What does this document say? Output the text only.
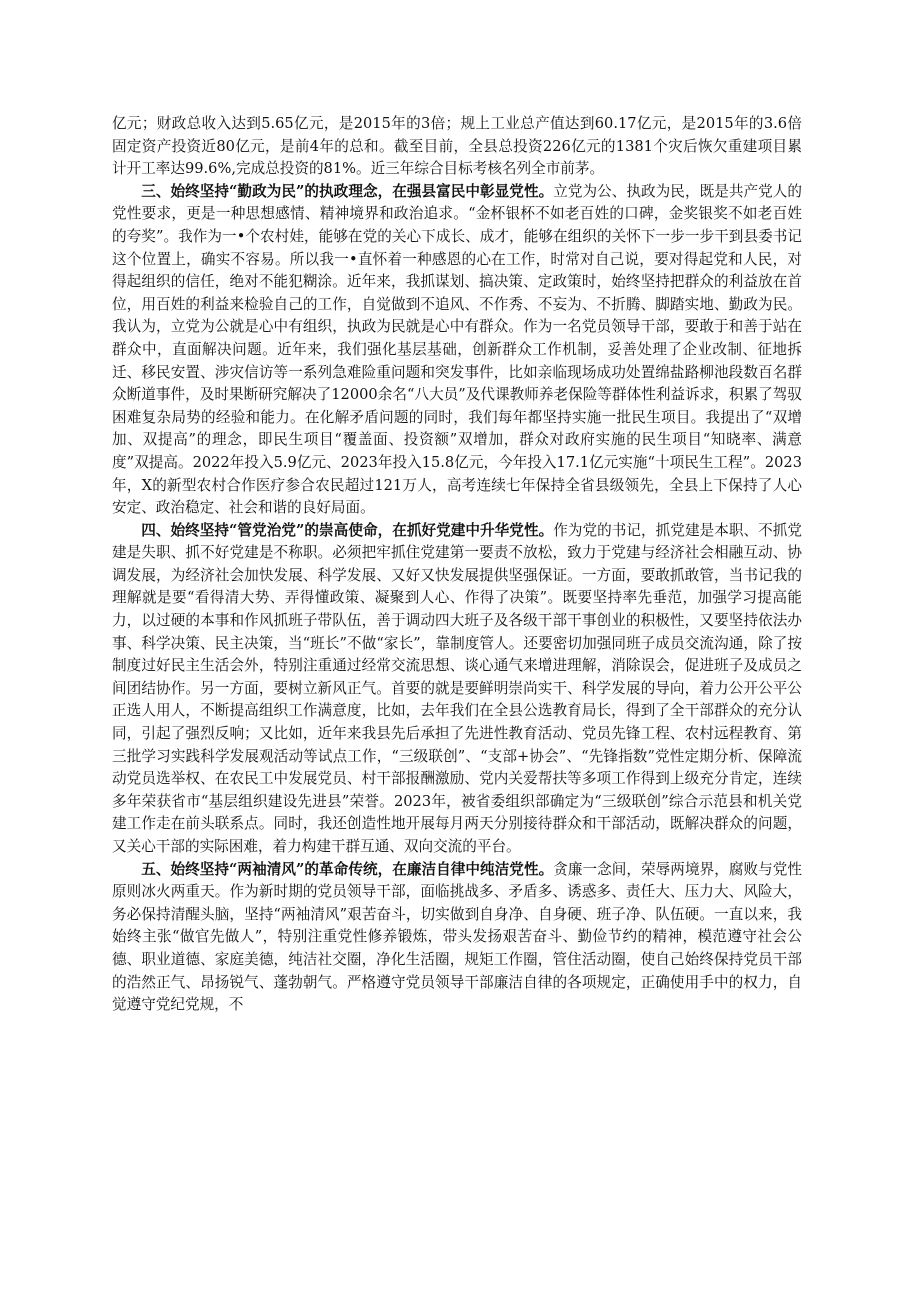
亿元；财政总收入达到5.65亿元，是2015年的3倍；规上工业总产值达到60.17亿元，是2015年的3.6倍 固定资产投资近80亿元，是前4年的总和。截至目前，全县总投资226亿元的1381个灾后恢欠重建项目累计开工率达99.6%,完成总投资的81%。近三年综合目标考核名列全市前茅。

三、始终坚持“勤政为民”的执政理念，在强县富民中彰显党性。立党为公、执政为民，既是共产党人的党性要求，更是一种思想感情、精神境界和政治追求。“金杯银杯不如老百姓的口碑，金奖银奖不如老百姓的夸奖”。我作为一•个农村娃，能够在党的关心下成长、成才，能够在组织的关怀下一步一步干到县委书记这个位置上，确实不容易。所以我一•直怀着一种感恩的心在工作，时常对自己说，要对得起党和人民，对得起组织的信任，绝对不能犯糊涂。近年来，我抓谋划、搞决策、定政策时，始终坚持把群众的利益放在首位，用百姓的利益来检验自己的工作，自觉做到不追风、不作秀、不妄为、不折腾、脚踏实地、勤政为民。我认为，立党为公就是心中有组织，执政为民就是心中有群众。作为一名党员领导干部，要敢于和善于站在群众中，直面解决问题。近年来，我们强化基层基础，创新群众工作机制，妥善处理了企业改制、征地拆迁、移民安置、涉灾信访等一系列急难险重问题和突发事件，比如亲临现场成功处置绵盐路柳池段数百名群众断道事件，及时果断研究解决了12000余名“八大员”及代课教师养老保险等群体性利益诉求，积累了驾驭困难复杂局势的经验和能力。在化解矛盾问题的同时，我们每年都坚持实施一批民生项目。我提出了“双增加、双提高”的理念，即民生项目“覆盖面、投资额”双增加，群众对政府实施的民生项目“知晓率、满意度”双提高。2022年投入5.9亿元、2023年投入15.8亿元，今年投入17.1亿元实施“十项民生工程”。2023年，X的新型农村合作医疗参合农民超过121万人，高考连续七年保持全省县级领先，全县上下保持了人心安定、政治稳定、社会和谐的良好局面。

四、始终坚持“管党治党”的崇高使命，在抓好党建中升华党性。作为党的书记，抓党建是本职、不抓党建是失职、抓不好党建是不称职。必须把牢抓住党建第一要责不放松，致力于党建与经济社会相融互动、协调发展，为经济社会加快发展、科学发展、又好又快发展提供坚强保证。一方面，要敢抓敢管，当书记我的理解就是要“看得清大势、弄得懂政策、凝聚到人心、作得了决策”。既要坚持率先垂范，加强学习提高能力，以过硬的本事和作风抓班子带队伍，善于调动四大班子及各级干部干事创业的积极性，又要坚持依法办事、科学决策、民主决策，当“班长”不做“家长”，靠制度管人。还要密切加强同班子成员交流沟通，除了按制度过好民主生活会外，特别注重通过经常交流思想、谈心通气来增进理解，消除误会，促进班子及成员之间团结协作。另一方面，要树立新风正气。首要的就是要鲜明崇尚实干、科学发展的导向，着力公开公平公正选人用人，不断提高组织工作满意度，比如，去年我们在全县公选教育局长，得到了全干部群众的充分认同，引起了强烈反响；又比如，近年来我县先后承担了先进性教育活动、党员先锋工程、农村远程教育、第三批学习实践科学发展观活动等试点工作，“三级联创”、“支部+协会”、“先锋指数”党性定期分析、保障流动党员选举权、在农民工中发展党员、村干部报酬激励、党内关爱帮扶等多项工作得到上级充分肯定，连续多年荣获省市“基层组织建设先进县”荣誉。2023年，被省委组织部确定为“三级联创”综合示范县和机关党建工作走在前头联系点。同时，我还创造性地开展每月两天分别接待群众和干部活动，既解决群众的问题，又关心干部的实际困难，着力构建干群互通、双向交流的平台。

五、始终坚持“两袖清风”的革命传统，在廉洁自律中纯洁党性。贪廉一念间，荣辱两境界，腐败与党性原则冰火两重天。作为新时期的党员领导干部，面临挑战多、矛盾多、诱惑多、责任大、压力大、风险大，务必保持清醒头脑，坚持“两袖清风”艰苦奋斗，切实做到自身净、自身硬、班子净、队伍硬。一直以来，我始终主张“做官先做人”，特别注重党性修养锻炼，带头发扬艰苦奋斗、勤俭节约的精神，模范遵守社会公德、职业道德、家庭美德，纯洁社交圈，净化生活圈，规矩工作圈，管住活动圈，使自己始终保持党员干部的浩然正气、昂扬锐气、蓬勃朝气。严格遵守党员领导干部廉洁自律的各项规定，正确使用手中的权力，自觉遵守党纪党规，不
